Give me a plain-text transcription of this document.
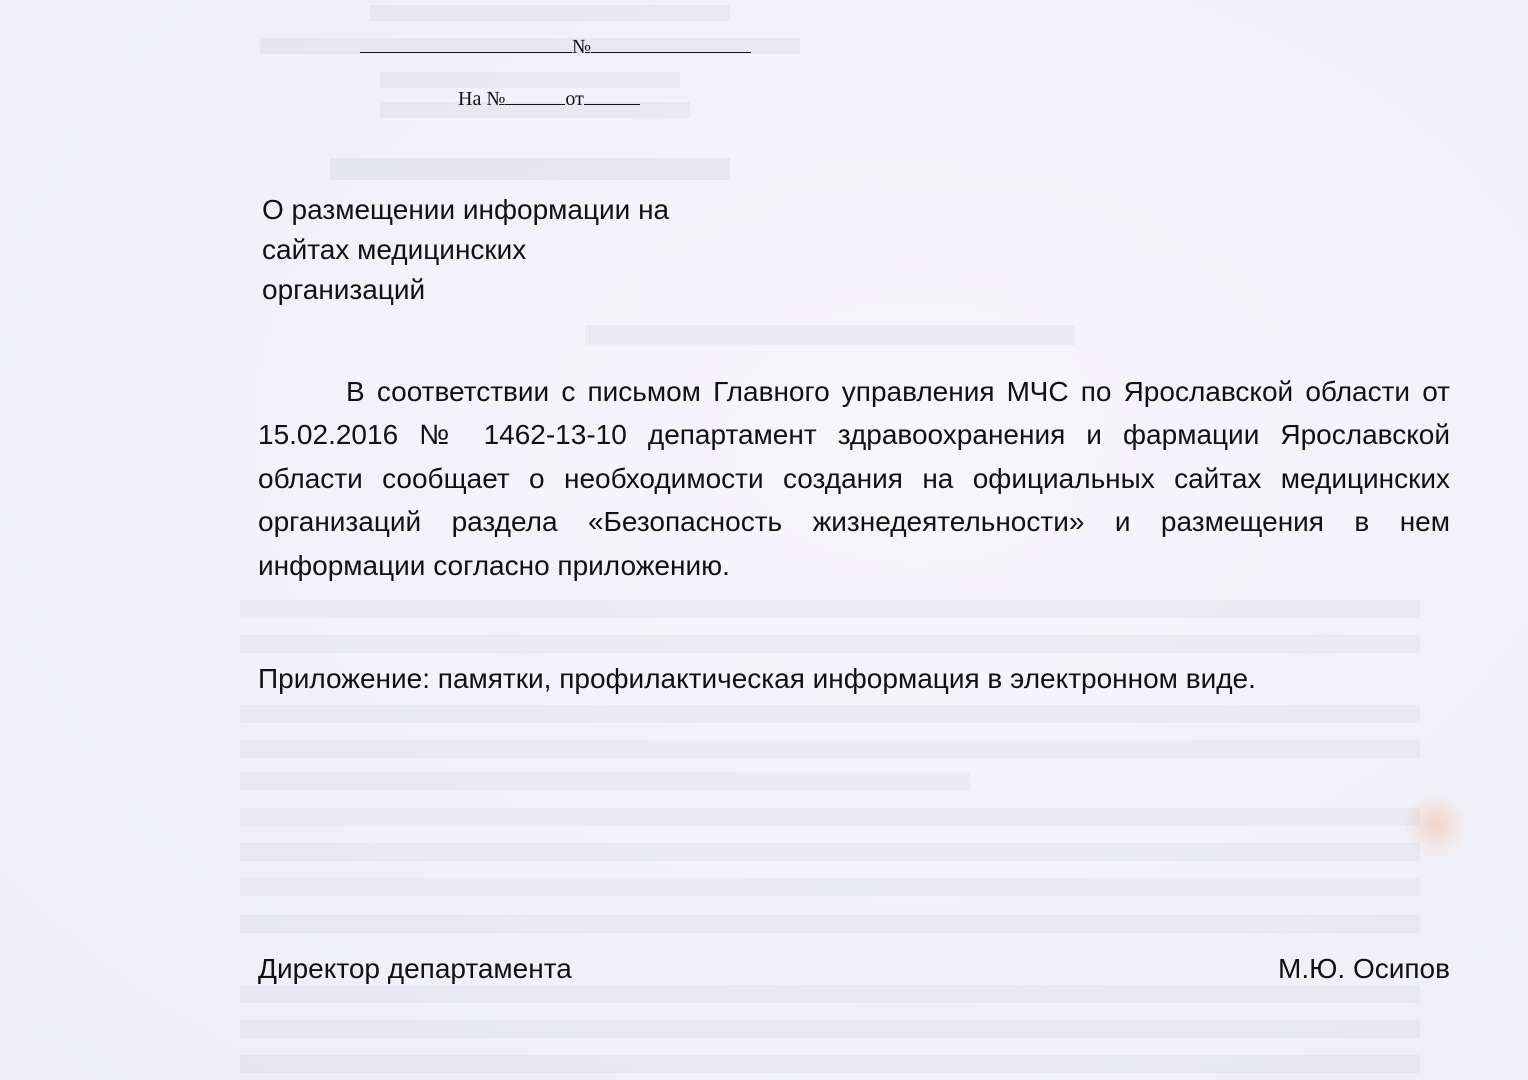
№
На №	от
О размещении информации на
сайтах медицинских
организаций

В соответствии с письмом Главного управления МЧС по Ярославской области от 15.02.2016 № 1462-13-10 департамент здравоохранения и фармации Ярославской области сообщает о необходимости создания на официальных сайтах медицинских организаций раздела «Безопасность жизнедеятельности» и размещения в нем информации согласно приложению.

Приложение: памятки, профилактическая информация в электронном виде.
Директор департамента	М.Ю. Осипов
